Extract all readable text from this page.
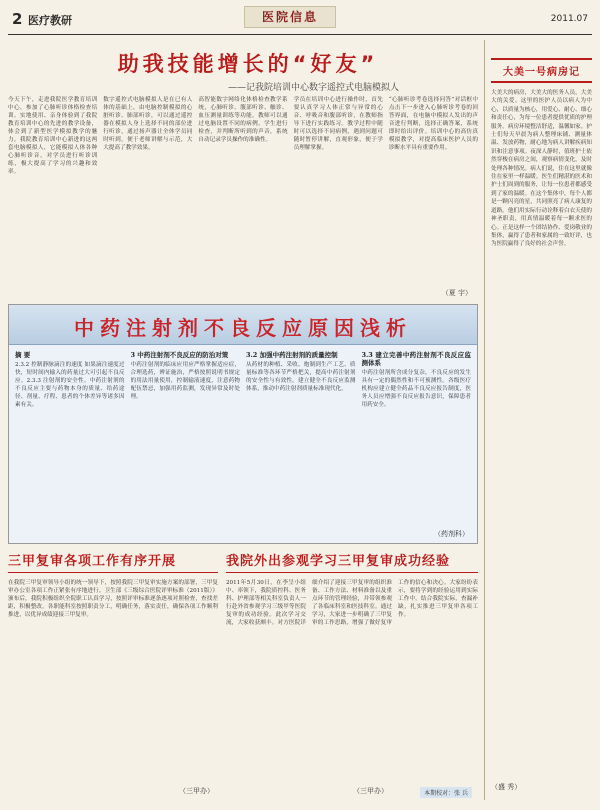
2 医疗教研	医院信息	2011.07
助我技能增长的“好友”
——记我院培训中心数字遥控式电脑模拟人
今天下午，走进我院医学教育培训中心，参加了心肺听诊体格检查培训。实地使用、亲身体验到了我院教育培训中心的先进的教学设备，体会到了新型医学模拟教学的魅力。我院教育培训中心新进的这两套电脑模拟人，它能模拟人体各种心肺听诊音，对学员进行听诊训练，极大提高了学习的兴趣和效率。
数字遥控式电脑模拟人是在已有人体的基础上，由电脑控制模拟的心脏听诊、肺部听诊，可以通过遥控器在模拟人身上选择不同的部位进行听诊，通过扬声器让全体学员同时听到，便于老师讲解与示范，大大提高了教学效果。
高智能数字网络化体格检查教学系统，心肺听诊、腹部听诊、触诊、血压测量训练等功能。教师可以通过电脑设置不同的病例，学生进行检查，并判断所听到的声音，系统自动记录学员操作的准确性。
学员在培训中心进行操作时，首先要认真学习人体正常与异常的心音、呼吸音和腹部听诊，在教师指导下进行实践练习。教学过程中随时可以选择不同病例，遇到问题可随时暂停讲解，直观形象，便于学员理解掌握。
“心肺听诊考卷选择问答”对话框中点击下一步进入心肺听诊考卷的回答界面，在电脑中模拟人发出的声音进行判断，选择正确答案，系统即时给出评价。培训中心的高仿真模拟教学，对提高临床医护人员的诊断水平具有重要作用。
（夏 宇）
大美一号病房记
大美大的病房，大美大的医务人员，大美大的关爱。这里的医护人员以病人为中心，以质量为核心，用爱心、耐心、细心和责任心，为每一位患者提供优质的护理服务。病房环境整洁舒适，温馨如家。护士们每天早晨为病人整理床铺、测量体温、发放药物，耐心地为病人讲解疾病知识和注意事项。夜深人静时，值班护士依然穿梭在病房之间，观察病情变化，及时处理各种情况。病人们说，住在这里就像住在家里一样温暖。医生们精湛的医术和护士们周到的服务，让每一位患者都感受到了家的温暖。在这个集体中，每个人都是一颗闪亮的星，共同照亮了病人康复的道路。他们用实际行动诠释着白衣天使的神圣职责，用真情温暖着每一颗求医的心。正是这样一个团结协作、爱岗敬业的集体，赢得了患者和家属的一致好评，也为医院赢得了良好的社会声誉。
（盛 秀）
中药注射剂不良反应原因浅析
摘 要

2.3.2 控制静脉滴注的速度 如果滴注速度过快，短时间内输入的药量过大可引起不良反应。2.3.3 注射剂的安全性。中药注射剂的不良反应主要与药物本身的质量、给药途径、剂量、疗程、患者的个体差异等诸多因素有关。

3 中药注射剂不良反应的防治对策

中药注射剂的临床应用应严格掌握适应症，合理选药，辨证施治，严格按照说明书规定的用法用量使用，控制输液速度，注意药物配伍禁忌，加强用药监测，发现异常及时处理。

3.2 加强中药注射剂的质量控制

从药材的种植、采收、炮制到生产工艺、质量标准等各环节严格把关，提高中药注射剂的安全性与有效性，建立健全不良反应监测体系，推动中药注射剂质量标准现代化。

3.3 建立完善中药注射剂不良反应监测体系

中药注射剂所含成分复杂，不良反应的发生具有一定的偶然性和不可预测性。各级医疗机构应建立健全药品不良反应报告制度，医务人员应增强不良反应报告意识，保障患者用药安全。

（药剂科）
三甲复审各项工作有序开展
在我院三甲复审领导小组的统一领导下，按照我院三甲复审实施方案的部署，三甲复审办公室各项工作正紧张有序地进行。卫生部《三级综合医院评审标准（2011版）》颁布后，我院积极组织全院职工认真学习，按照评审标准逐条逐项对照检查，查找差距，积极整改。各职能科室按照职责分工，明确任务，落实责任，确保各项工作顺利推进，以优异成绩迎接三甲复审。
（三甲办）
我院外出参观学习三甲复审成功经验
2011年5月30日，在李呈小组中、率领下，我院质控科、医务科、护理部等相关科室负责人一行赴外省参观学习三级甲等医院复审的成功经验。此次学习交流，大家收获颇丰。对方医院详细介绍了迎接三甲复审的组织准备、工作方法、材料准备以及重点环节的管理经验，并带领参观了各临床科室和医技科室。通过学习，大家进一步明确了三甲复审的工作思路，增强了做好复审工作的信心和决心。大家纷纷表示，要将学到的经验运用到实际工作中，结合我院实际，查漏补缺，扎实推进三甲复审各项工作。
（三甲办）	本期校对：张 兵
